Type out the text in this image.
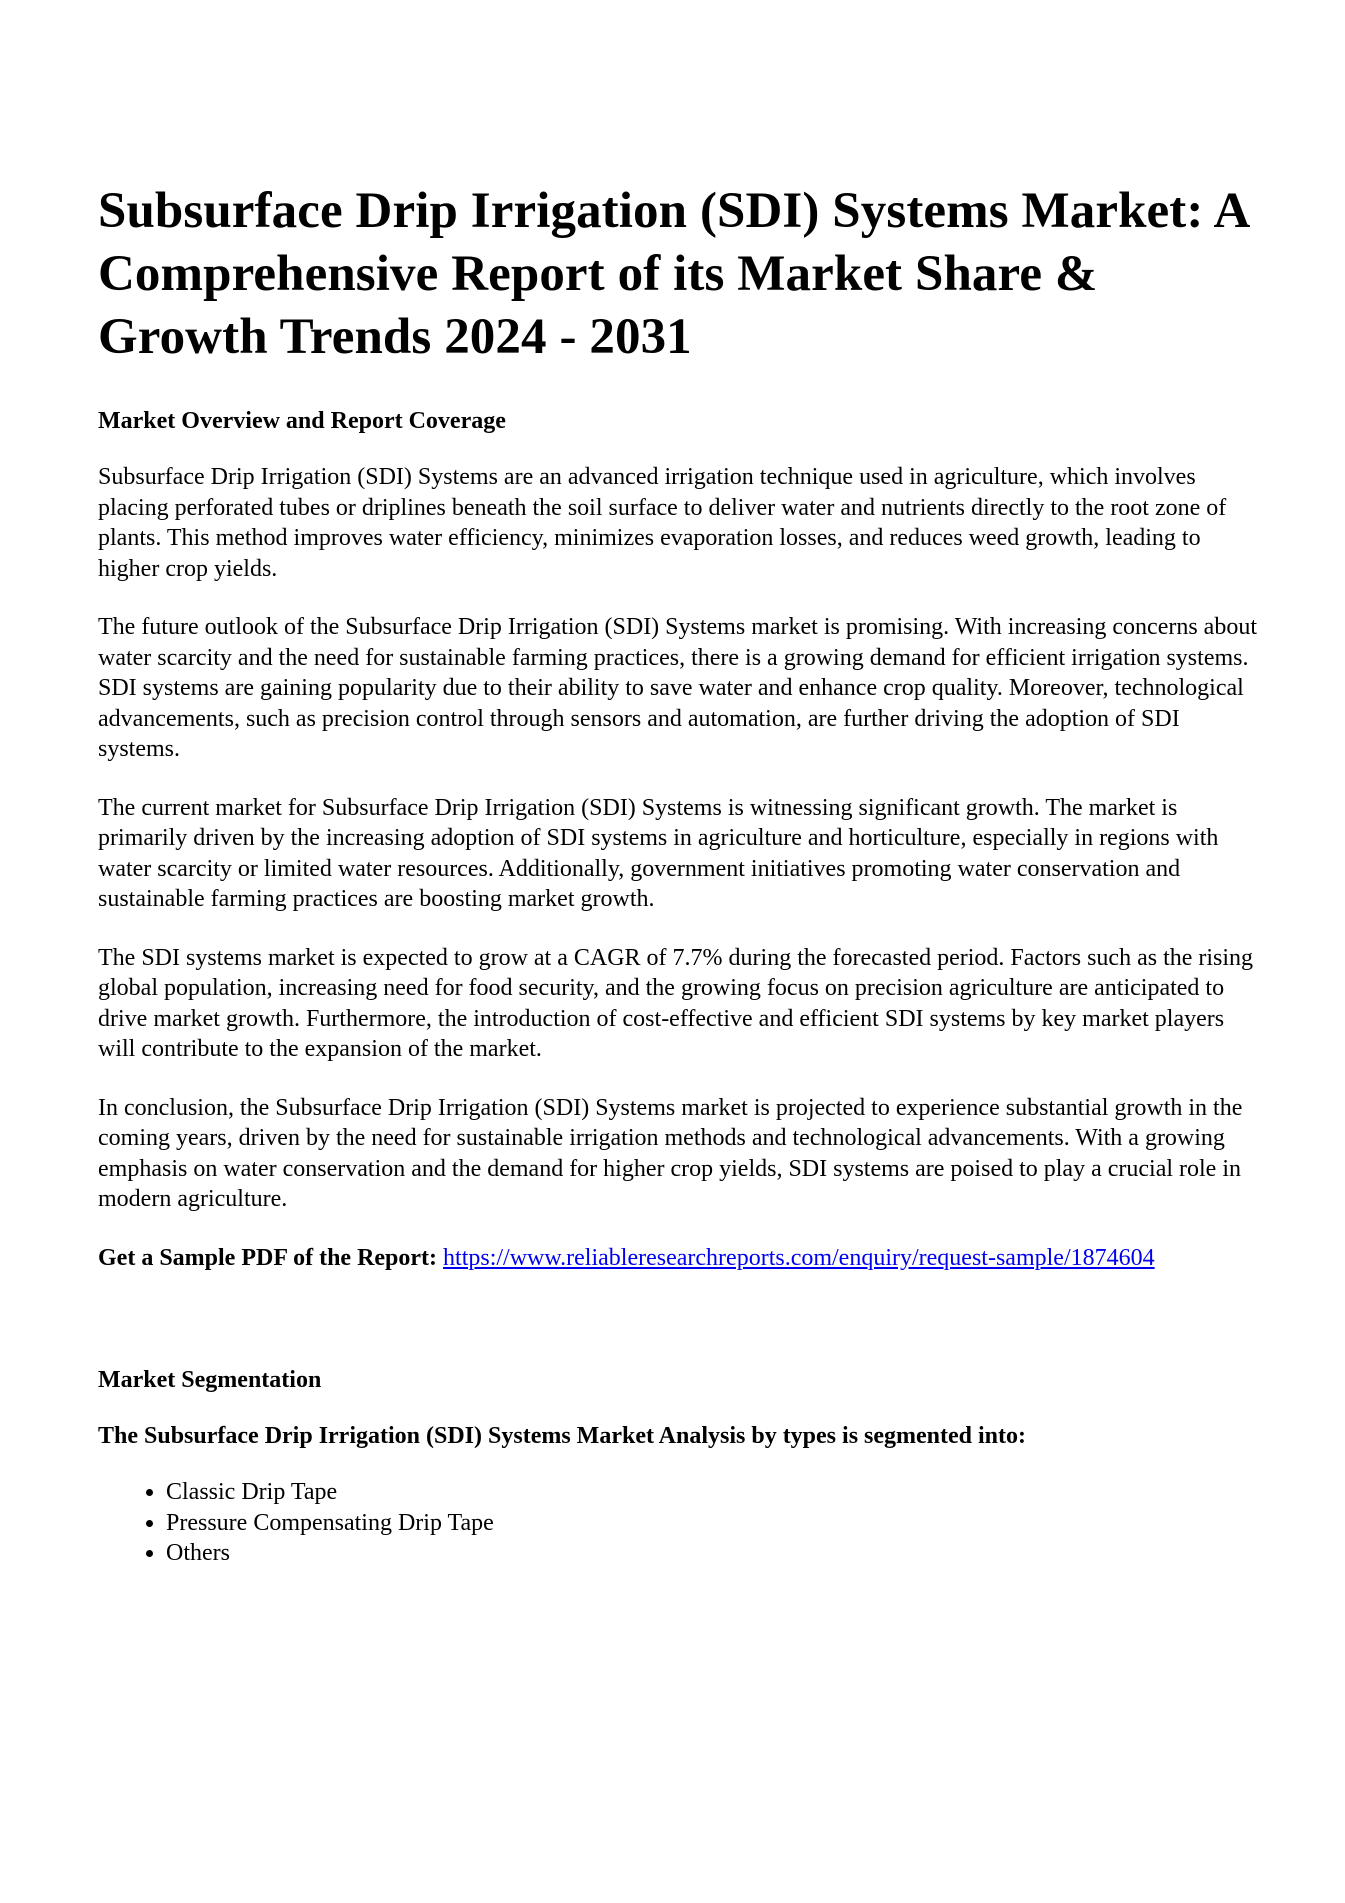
Subsurface Drip Irrigation (SDI) Systems Market: A Comprehensive Report of its Market Share & Growth Trends 2024 - 2031
Market Overview and Report Coverage

Subsurface Drip Irrigation (SDI) Systems are an advanced irrigation technique used in agriculture, which involves placing perforated tubes or driplines beneath the soil surface to deliver water and nutrients directly to the root zone of plants. This method improves water efficiency, minimizes evaporation losses, and reduces weed growth, leading to higher crop yields.

The future outlook of the Subsurface Drip Irrigation (SDI) Systems market is promising. With increasing concerns about water scarcity and the need for sustainable farming practices, there is a growing demand for efficient irrigation systems. SDI systems are gaining popularity due to their ability to save water and enhance crop quality. Moreover, technological advancements, such as precision control through sensors and automation, are further driving the adoption of SDI systems.

The current market for Subsurface Drip Irrigation (SDI) Systems is witnessing significant growth. The market is primarily driven by the increasing adoption of SDI systems in agriculture and horticulture, especially in regions with water scarcity or limited water resources. Additionally, government initiatives promoting water conservation and sustainable farming practices are boosting market growth.

The SDI systems market is expected to grow at a CAGR of 7.7% during the forecasted period. Factors such as the rising global population, increasing need for food security, and the growing focus on precision agriculture are anticipated to drive market growth. Furthermore, the introduction of cost-effective and efficient SDI systems by key market players will contribute to the expansion of the market.

In conclusion, the Subsurface Drip Irrigation (SDI) Systems market is projected to experience substantial growth in the coming years, driven by the need for sustainable irrigation methods and technological advancements. With a growing emphasis on water conservation and the demand for higher crop yields, SDI systems are poised to play a crucial role in modern agriculture.

Get a Sample PDF of the Report: https://www.reliableresearchreports.com/enquiry/request-sample/1874604

Market Segmentation
The Subsurface Drip Irrigation (SDI) Systems Market Analysis by types is segmented into:
• Classic Drip Tape
• Pressure Compensating Drip Tape
• Others
